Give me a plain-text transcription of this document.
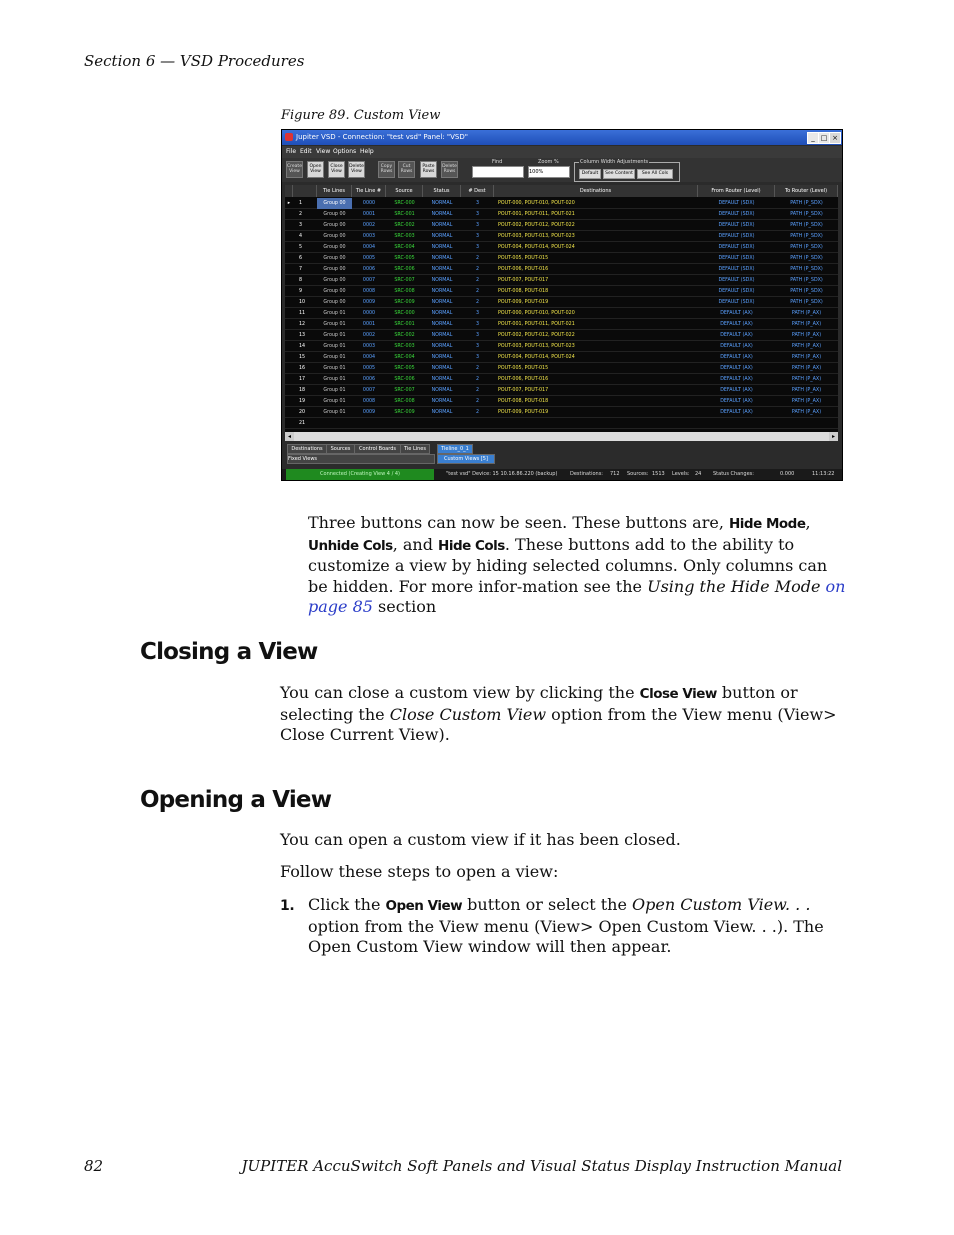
Section 6 — VSD Procedures
Figure 89. Custom View
Jupiter VSD - Connection: "test vsd" Panel: "VSD"	_ □ ×
File Edit View Options Help
Find	Zoom %
100%
Column Width Adjustments
Default	See Content	See All Cols
Create View
Open View
Close View
Delete View
Copy Rows
Cut Rows
Paste Rows
Delete Rows
Tie Lines	Tie Line #	Source	Status	# Dest	Destinations	From Router (Level)	To Router (Level)
▸	1	Group 00	0000	SRC-000	NORMAL	3	POUT-000, POUT-010, POUT-020	DEFAULT (SDX)	PATH (P_SDX)
2	Group 00	0001	SRC-001	NORMAL	3	POUT-001, POUT-011, POUT-021	DEFAULT (SDX)	PATH (P_SDX)
3	Group 00	0002	SRC-002	NORMAL	3	POUT-002, POUT-012, POUT-022	DEFAULT (SDX)	PATH (P_SDX)
4	Group 00	0003	SRC-003	NORMAL	3	POUT-003, POUT-013, POUT-023	DEFAULT (SDX)	PATH (P_SDX)
5	Group 00	0004	SRC-004	NORMAL	3	POUT-004, POUT-014, POUT-024	DEFAULT (SDX)	PATH (P_SDX)
6	Group 00	0005	SRC-005	NORMAL	2	POUT-005, POUT-015	DEFAULT (SDX)	PATH (P_SDX)
7	Group 00	0006	SRC-006	NORMAL	2	POUT-006, POUT-016	DEFAULT (SDX)	PATH (P_SDX)
8	Group 00	0007	SRC-007	NORMAL	2	POUT-007, POUT-017	DEFAULT (SDX)	PATH (P_SDX)
9	Group 00	0008	SRC-008	NORMAL	2	POUT-008, POUT-018	DEFAULT (SDX)	PATH (P_SDX)
10	Group 00	0009	SRC-009	NORMAL	2	POUT-009, POUT-019	DEFAULT (SDX)	PATH (P_SDX)
11	Group 01	0000	SRC-000	NORMAL	3	POUT-000, POUT-010, POUT-020	DEFAULT (AX)	PATH (P_AX)
12	Group 01	0001	SRC-001	NORMAL	3	POUT-001, POUT-011, POUT-021	DEFAULT (AX)	PATH (P_AX)
13	Group 01	0002	SRC-002	NORMAL	3	POUT-002, POUT-012, POUT-022	DEFAULT (AX)	PATH (P_AX)
14	Group 01	0003	SRC-003	NORMAL	3	POUT-003, POUT-013, POUT-023	DEFAULT (AX)	PATH (P_AX)
15	Group 01	0004	SRC-004	NORMAL	3	POUT-004, POUT-014, POUT-024	DEFAULT (AX)	PATH (P_AX)
16	Group 01	0005	SRC-005	NORMAL	2	POUT-005, POUT-015	DEFAULT (AX)	PATH (P_AX)
17	Group 01	0006	SRC-006	NORMAL	2	POUT-006, POUT-016	DEFAULT (AX)	PATH (P_AX)
18	Group 01	0007	SRC-007	NORMAL	2	POUT-007, POUT-017	DEFAULT (AX)	PATH (P_AX)
19	Group 01	0008	SRC-008	NORMAL	2	POUT-008, POUT-018	DEFAULT (AX)	PATH (P_AX)
20	Group 01	0009	SRC-009	NORMAL	2	POUT-009, POUT-019	DEFAULT (AX)	PATH (P_AX)
21
◂	▸
Destinations	Sources	Control Boards	Tie Lines	Tieline_0_1
Fixed Views	Custom Views [5]
Connected (Creating View 4 / 4)	"test vsd" Device: 15 10.16.86.220 (backup)	Destinations: 712 Sources: 1513 Levels: 24 Status Changes:	0.000	11:13:22

Three buttons can now be seen. These buttons are, Hide Mode, Unhide Cols, and Hide Cols. These buttons add to the ability to customize a view by hiding selected columns. Only columns can be hidden. For more infor-mation see the Using the Hide Mode on page 85 section

Closing a View

You can close a custom view by clicking the Close View button or selecting the Close Custom View option from the View menu (View> Close Current View).

Opening a View

You can open a custom view if it has been closed.

Follow these steps to open a view:

1. Click the Open View button or select the Open Custom View. . . option from the View menu (View> Open Custom View. . .). The Open Custom View window will then appear.

82	JUPITER AccuSwitch Soft Panels and Visual Status Display Instruction Manual
